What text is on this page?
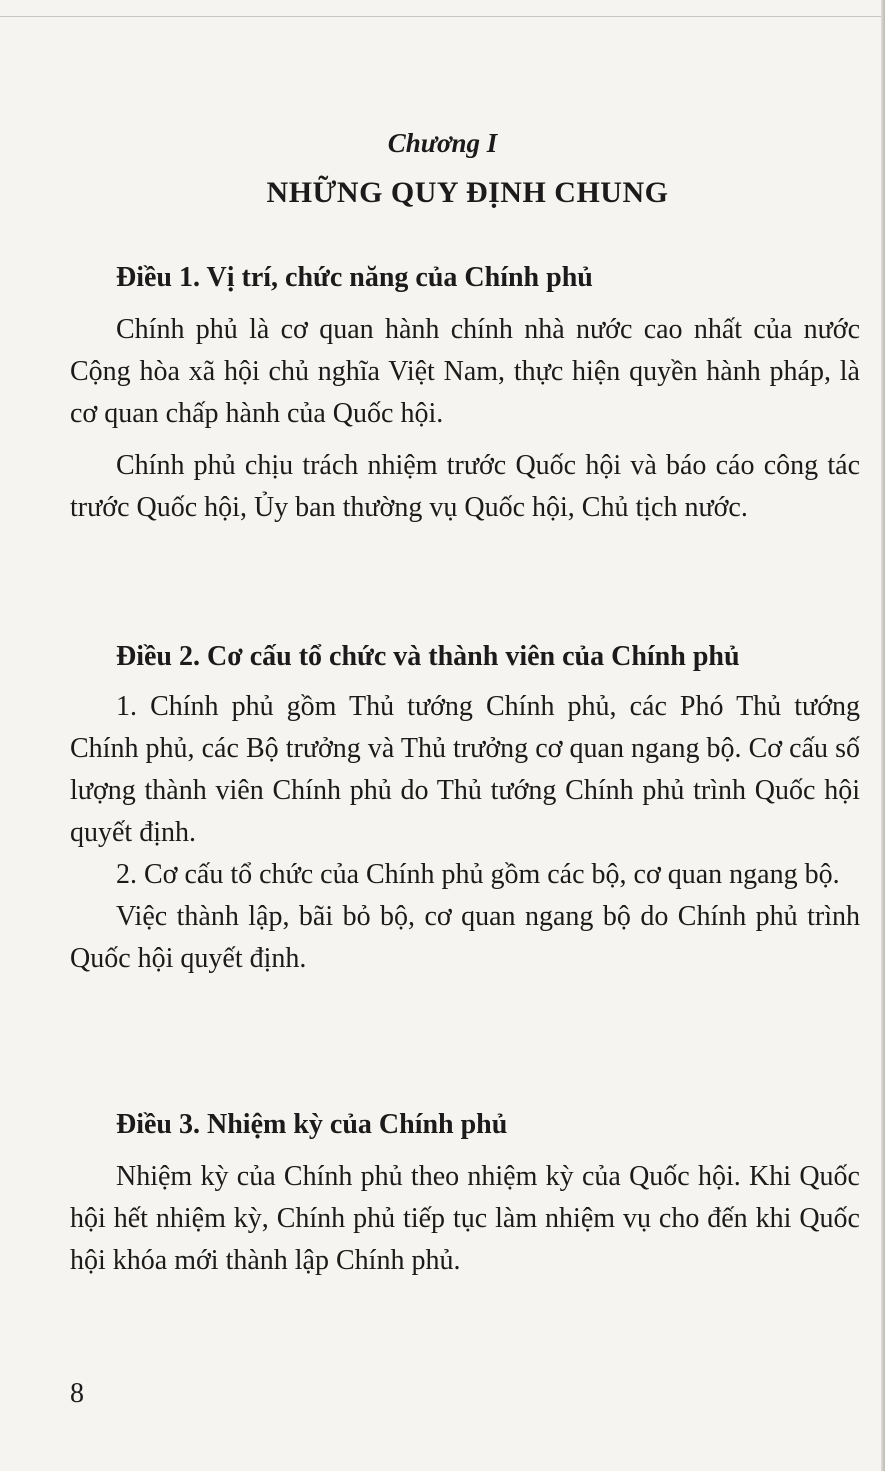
Chương I
NHỮNG QUY ĐỊNH CHUNG
Điều 1. Vị trí, chức năng của Chính phủ

Chính phủ là cơ quan hành chính nhà nước cao nhất của nước Cộng hòa xã hội chủ nghĩa Việt Nam, thực hiện quyền hành pháp, là cơ quan chấp hành của Quốc hội.

Chính phủ chịu trách nhiệm trước Quốc hội và báo cáo công tác trước Quốc hội, Ủy ban thường vụ Quốc hội, Chủ tịch nước.

Điều 2. Cơ cấu tổ chức và thành viên của Chính phủ

1. Chính phủ gồm Thủ tướng Chính phủ, các Phó Thủ tướng Chính phủ, các Bộ trưởng và Thủ trưởng cơ quan ngang bộ. Cơ cấu số lượng thành viên Chính phủ do Thủ tướng Chính phủ trình Quốc hội quyết định.

2. Cơ cấu tổ chức của Chính phủ gồm các bộ, cơ quan ngang bộ.

Việc thành lập, bãi bỏ bộ, cơ quan ngang bộ do Chính phủ trình Quốc hội quyết định.

Điều 3. Nhiệm kỳ của Chính phủ

Nhiệm kỳ của Chính phủ theo nhiệm kỳ của Quốc hội. Khi Quốc hội hết nhiệm kỳ, Chính phủ tiếp tục làm nhiệm vụ cho đến khi Quốc hội khóa mới thành lập Chính phủ.

8
